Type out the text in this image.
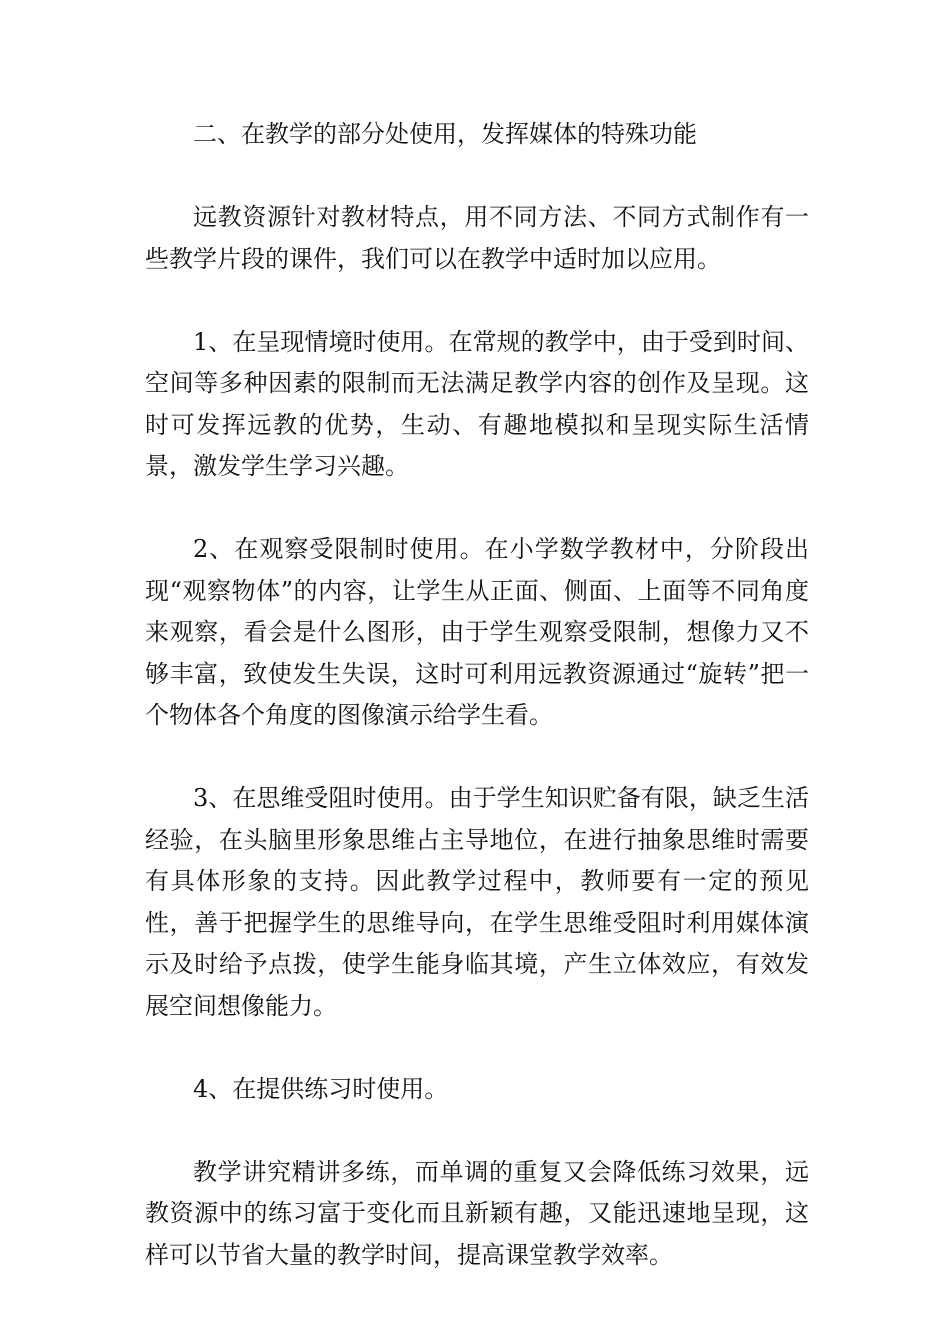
二、在教学的部分处使用，发挥媒体的特殊功能

远教资源针对教材特点，用不同方法、不同方式制作有一些教学片段的课件，我们可以在教学中适时加以应用。

1、在呈现情境时使用。在常规的教学中，由于受到时间、空间等多种因素的限制而无法满足教学内容的创作及呈现。这时可发挥远教的优势，生动、有趣地模拟和呈现实际生活情景，激发学生学习兴趣。

2、在观察受限制时使用。在小学数学教材中，分阶段出现“观察物体”的内容，让学生从正面、侧面、上面等不同角度来观察，看会是什么图形，由于学生观察受限制，想像力又不够丰富，致使发生失误，这时可利用远教资源通过“旋转”把一个物体各个角度的图像演示给学生看。

3、在思维受阻时使用。由于学生知识贮备有限，缺乏生活经验，在头脑里形象思维占主导地位，在进行抽象思维时需要有具体形象的支持。因此教学过程中，教师要有一定的预见性，善于把握学生的思维导向，在学生思维受阻时利用媒体演示及时给予点拨，使学生能身临其境，产生立体效应，有效发展空间想像能力。

4、在提供练习时使用。

教学讲究精讲多练，而单调的重复又会降低练习效果，远教资源中的练习富于变化而且新颖有趣，又能迅速地呈现，这样可以节省大量的教学时间，提高课堂教学效率。
